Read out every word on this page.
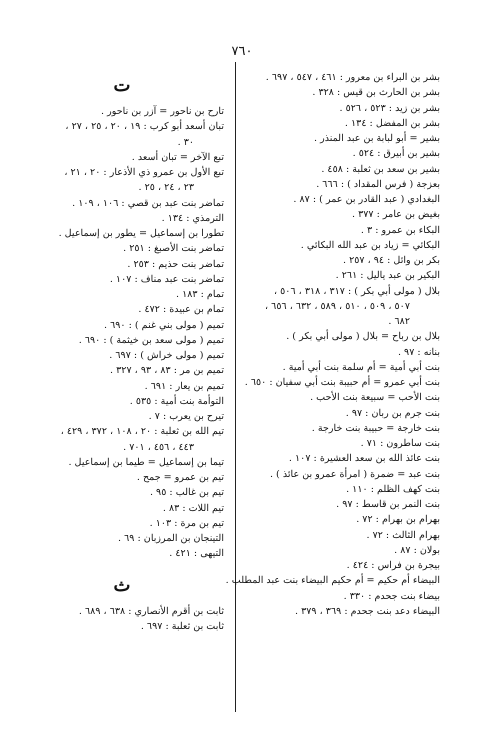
٧٦٠
بشر بن البراء بن معرور : ٤٦١ ، ٥٤٧ ، ٦٩٧ .
بشر بن الحارث بن قيس : ٣٢٨ .
بشر بن زيد : ٥٢٣ ، ٥٢٦ .
بشر بن المفضل : ١٣٤ .
بشير = أبو لبابة بن عبد المنذر .
بشير بن أبيرق : ٥٢٤ .
بشير بن سعد بن ثعلبة : ٤٥٨ .
بعزجة ( فرس المقداد ) : ٦٦٦ .
البغدادي ( عبد القادر بن عمر ) : ٨٧ .
بغيض بن عامر : ٣٧٧ .
البكاء بن عمرو : ٣ .
البكائي = زياد بن عبد الله البكائي .
بكر بن وائل : ٩٤ ، ٢٥٧ .
البكير بن عبد ياليل : ٢٦١ .
بلال ( مولى أبي بكر ) : ٣١٧ ، ٣١٨ ، ٥٠٦ ،
٥٠٧ ، ٥٠٩ ، ٥١٠ ، ٥٨٩ ، ٦٣٢ ، ٦٥٦ ،
٦٨٢ .
بلال بن رباح = بلال ( مولى أبي بكر ) .
بنانه : ٩٧ .
بنت أبي أمية = أم سلمة بنت أبي أمية .
بنت أبي عمرو = أم حبيبة بنت أبي سفيان : ٦٥٠ .
بنت الأحب = سبيعة بنت الأحب .
بنت جرم بن ربان : ٩٧ .
بنت خارجة = حبيبة بنت خارجة .
بنت ساطرون : ٧١ .
بنت عائذ الله بن سعد العشيرة : ١٠٧ .
بنت عبد = ضمرة ( امرأة عمرو بن عائذ ) .
بنت كهف الظلم : ١١٠ .
بنت النمر بن قاسط : ٩٧ .
بهرام بن بهرام : ٧٢ .
بهرام الثالث : ٧٢ .
بولان : ٨٧ .
بيجرة بن فراس : ٤٢٤ .
البيضاء أم حكيم = أم حكيم البيضاء بنت عبد المطلب .
بيضاء بنت جحدم : ٣٣٠ .
البيضاء دعد بنت جحدم : ٣٦٩ ، ٣٧٩ .
ت
تارح بن ناحور = آزر بن ناحور .
تبان أسعد أبو كرب : ١٩ ، ٢٠ ، ٢٥ ، ٢٧ ،
٣٠ .
تبع الآخر = تبان أسعد .
تبع الأول بن عمرو ذي الأذعار : ٢٠ ، ٢١ ،
٢٣ ، ٢٤ ، ٢٥ .
تماضر بنت عبد بن قصي : ١٠٦ ، ١٠٩ .
الترمذي : ١٣٤ .
تطورا بن إسماعيل = يطور بن إسماعيل .
تماضر بنت الأصبغ : ٢٥١ .
تماضر بنت حذيم : ٢٥٣ .
تماضر بنت عبد مناف : ١٠٧ .
تمام : ١٨٣ .
تمام بن عبيدة : ٤٧٢ .
تميم ( مولى بني غنم ) : ٦٩٠ .
تميم ( مولى سعد بن خيثمة ) : ٦٩٠ .
تميم ( مولى خراش ) : ٦٩٧ .
تميم بن مر : ٨٣ ، ٩٣ ، ٣٢٧ .
تميم بن يعار : ٦٩١ .
التوأمة بنت أمية : ٥٣٥ .
تيرح بن يعرب : ٧ .
تيم الله بن ثعلبة : ٢٠ ، ١٠٨ ، ٣٧٢ ، ٤٢٩ ،
٤٤٣ ، ٤٥٦ ، ٧٠١ .
تيما بن إسماعيل = طيما بن إسماعيل .
تيم بن عمرو = جمح .
تيم بن غالب : ٩٥ .
تيم اللات : ٨٣ .
تيم بن مرة : ١٠٣ .
التينجان بن المرزبان : ٦٩ .
التيهى : ٤٢١ .
ث
ثابت بن أقرم الأنصاري : ٦٣٨ ، ٦٨٩ .
ثابت بن ثعلبة : ٦٩٧ .
